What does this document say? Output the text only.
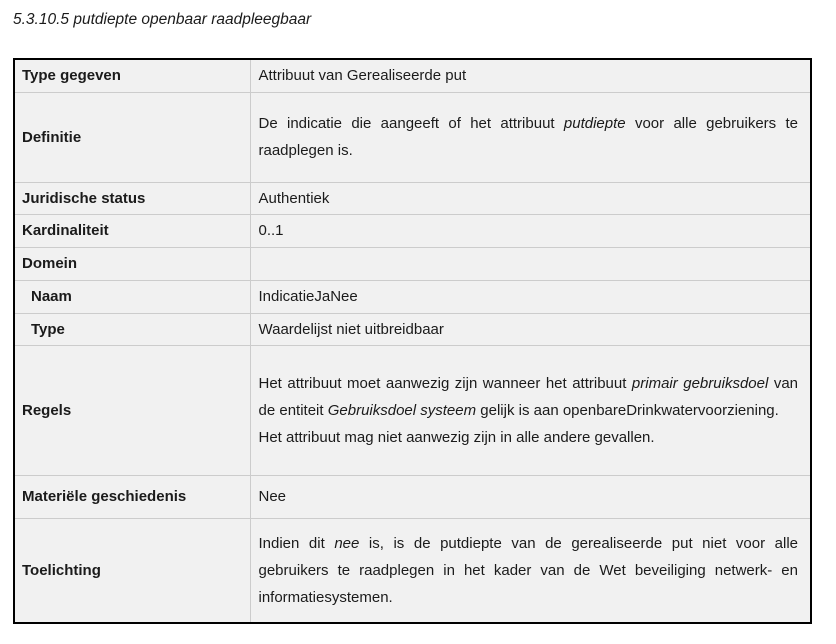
5.3.10.5 putdiepte openbaar raadpleegbaar
Type gegeven	Attribuut van Gerealiseerde put
Definitie	De indicatie die aangeeft of het attribuut putdiepte voor alle gebruikers te raadplegen is.
Juridische status	Authentiek
Kardinaliteit	0..1
Domein	
Naam	IndicatieJaNee
Type	Waardelijst niet uitbreidbaar
Regels	Het attribuut moet aanwezig zijn wanneer het attribuut primair gebruiksdoel van de entiteit Gebruiksdoel systeem gelijk is aan openbareDrinkwatervoorziening.
Het attribuut mag niet aanwezig zijn in alle andere gevallen.
Materiële geschiedenis	Nee
Toelichting	Indien dit nee is, is de putdiepte van de gerealiseerde put niet voor alle gebruikers te raadplegen in het kader van de Wet beveiliging netwerk- en informatiesystemen.
